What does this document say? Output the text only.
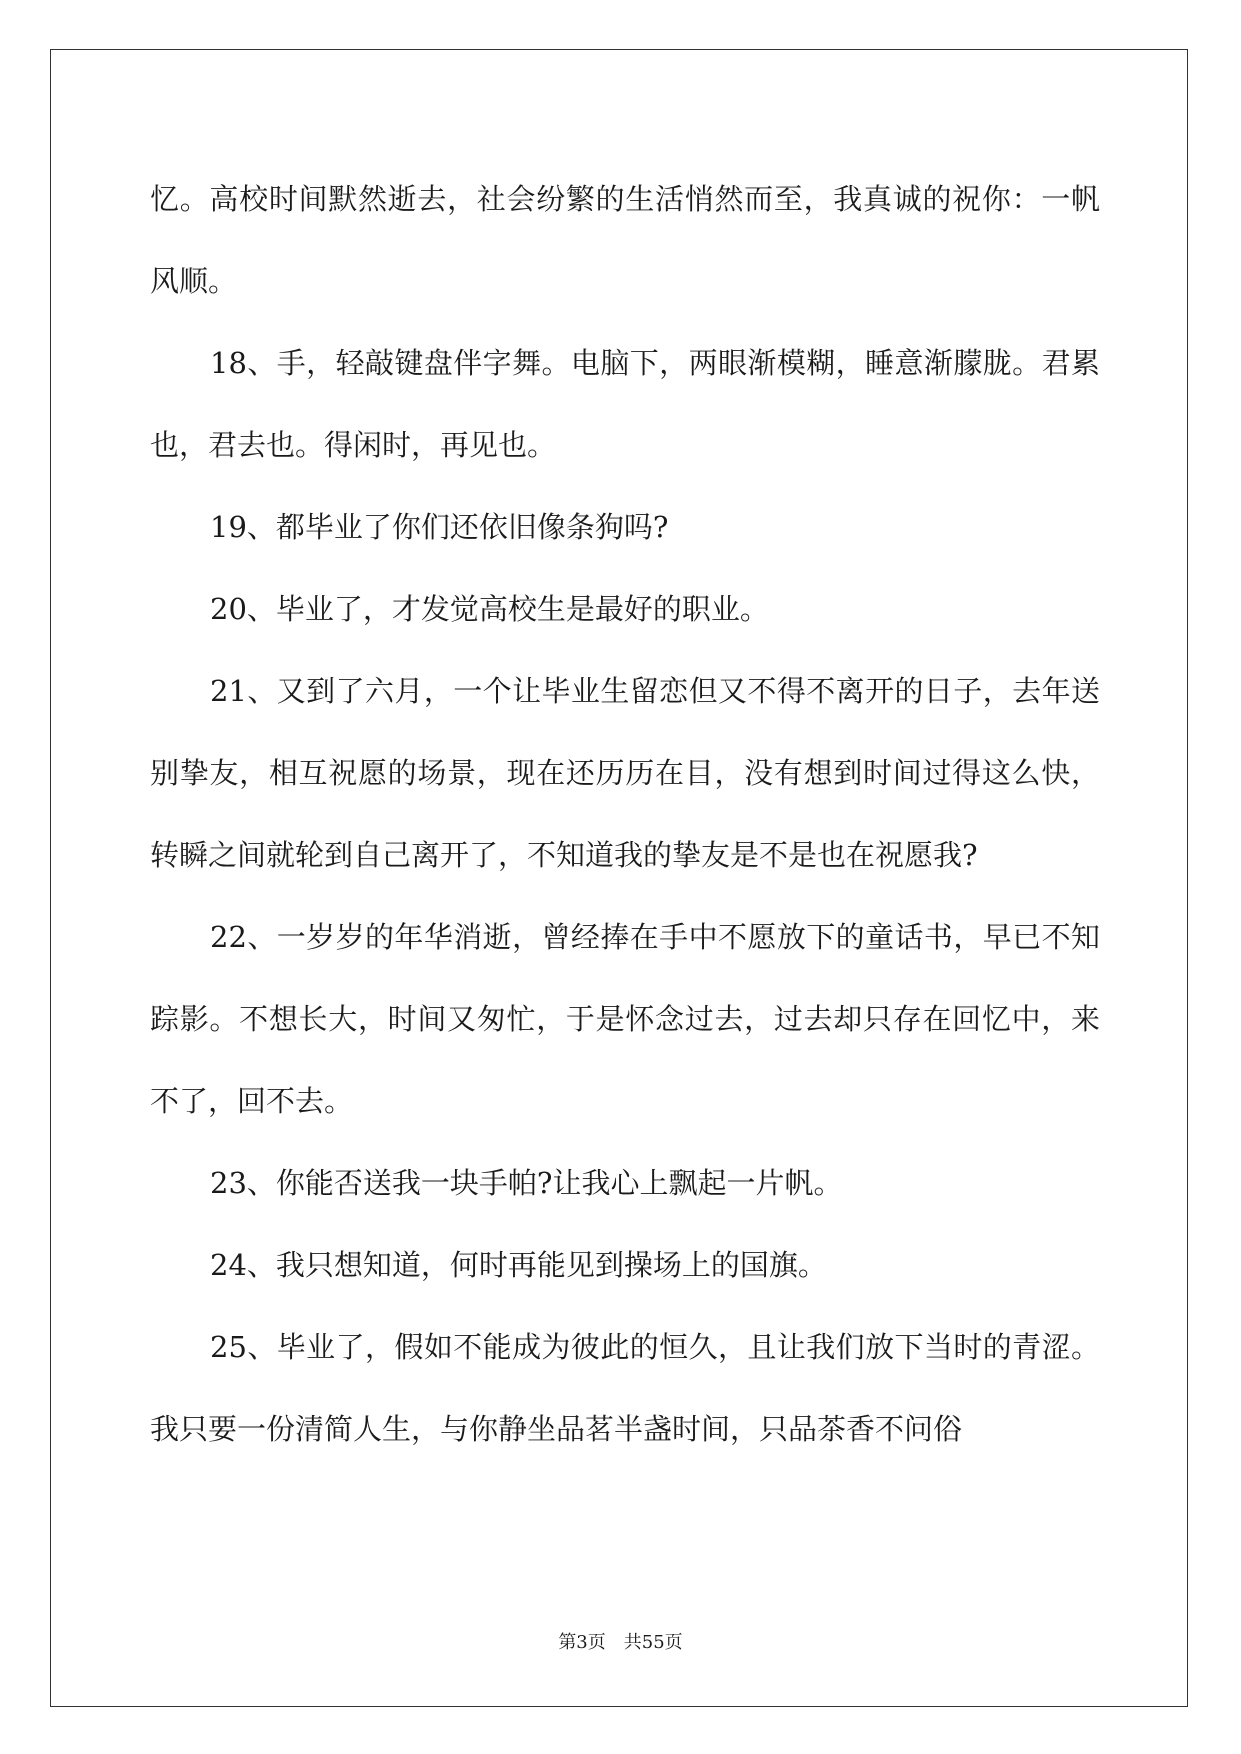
忆。高校时间默然逝去，社会纷繁的生活悄然而至，我真诚的祝你：一帆风顺。

18、手，轻敲键盘伴字舞。电脑下，两眼渐模糊，睡意渐朦胧。君累也，君去也。得闲时，再见也。

19、都毕业了你们还依旧像条狗吗?

20、毕业了，才发觉高校生是最好的职业。

21、又到了六月，一个让毕业生留恋但又不得不离开的日子，去年送别挚友，相互祝愿的场景，现在还历历在目，没有想到时间过得这么快，转瞬之间就轮到自己离开了，不知道我的挚友是不是也在祝愿我?

22、一岁岁的年华消逝，曾经捧在手中不愿放下的童话书，早已不知踪影。不想长大，时间又匆忙，于是怀念过去，过去却只存在回忆中，来不了，回不去。

23、你能否送我一块手帕?让我心上飘起一片帆。

24、我只想知道，何时再能见到操场上的国旗。

25、毕业了，假如不能成为彼此的恒久，且让我们放下当时的青涩。我只要一份清简人生，与你静坐品茗半盏时间，只品茶香不问俗

第3页 共55页
